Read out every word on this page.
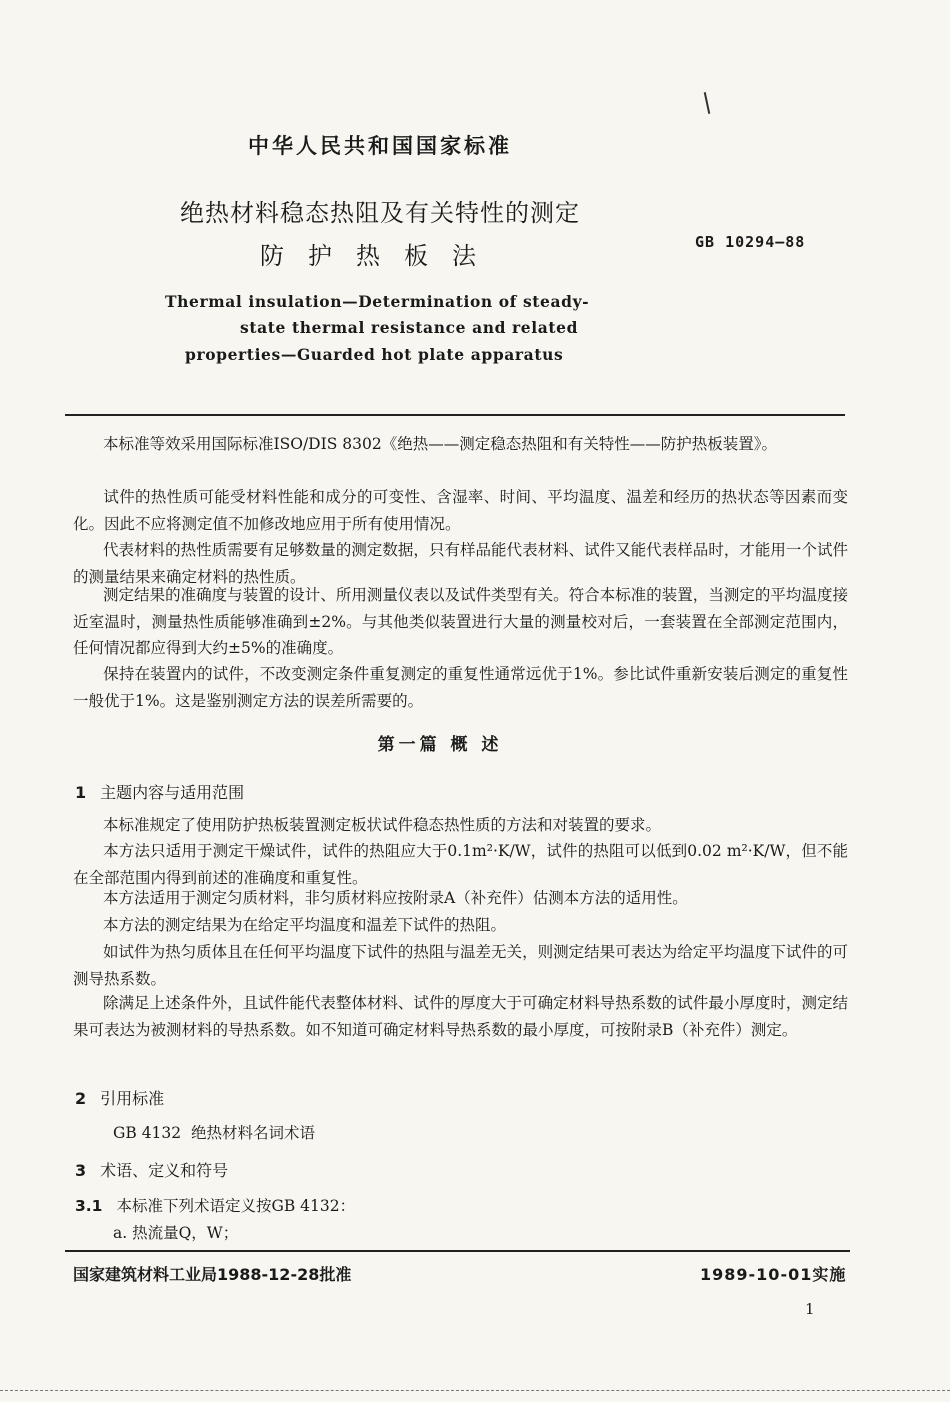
中华人民共和国国家标准
绝热材料稳态热阻及有关特性的测定
防护热板法	GB 10294—88
Thermal insulation—Determination of steady-
state thermal resistance and related
properties—Guarded hot plate apparatus
本标准等效采用国际标准ISO/DIS 8302《绝热——测定稳态热阻和有关特性——防护热板装置》。
试件的热性质可能受材料性能和成分的可变性、含湿率、时间、平均温度、温差和经历的热状态等因素而变化。因此不应将测定值不加修改地应用于所有使用情况。
代表材料的热性质需要有足够数量的测定数据，只有样品能代表材料、试件又能代表样品时，才能用一个试件的测量结果来确定材料的热性质。
测定结果的准确度与装置的设计、所用测量仪表以及试件类型有关。符合本标准的装置，当测定的平均温度接近室温时，测量热性质能够准确到±2%。与其他类似装置进行大量的测量校对后，一套装置在全部测定范围内，任何情况都应得到大约±5%的准确度。
保持在装置内的试件，不改变测定条件重复测定的重复性通常远优于1%。参比试件重新安装后测定的重复性一般优于1%。这是鉴别测定方法的误差所需要的。
第一篇 概 述
1 主题内容与适用范围
本标准规定了使用防护热板装置测定板状试件稳态热性质的方法和对装置的要求。
本方法只适用于测定干燥试件，试件的热阻应大于0.1m²·K/W，试件的热阻可以低到0.02 m²·K/W，但不能在全部范围内得到前述的准确度和重复性。
本方法适用于测定匀质材料，非匀质材料应按附录A（补充件）估测本方法的适用性。
本方法的测定结果为在给定平均温度和温差下试件的热阻。
如试件为热匀质体且在任何平均温度下试件的热阻与温差无关，则测定结果可表达为给定平均温度下试件的可测导热系数。
除满足上述条件外，且试件能代表整体材料、试件的厚度大于可确定材料导热系数的试件最小厚度时，测定结果可表达为被测材料的导热系数。如不知道可确定材料导热系数的最小厚度，可按附录B（补充件）测定。
2 引用标准
GB 4132  绝热材料名词术语
3 术语、定义和符号
3.1 本标准下列术语定义按GB 4132：
a. 热流量Q，W；
国家建筑材料工业局1988-12-28批准	1989-10-01实施
1
